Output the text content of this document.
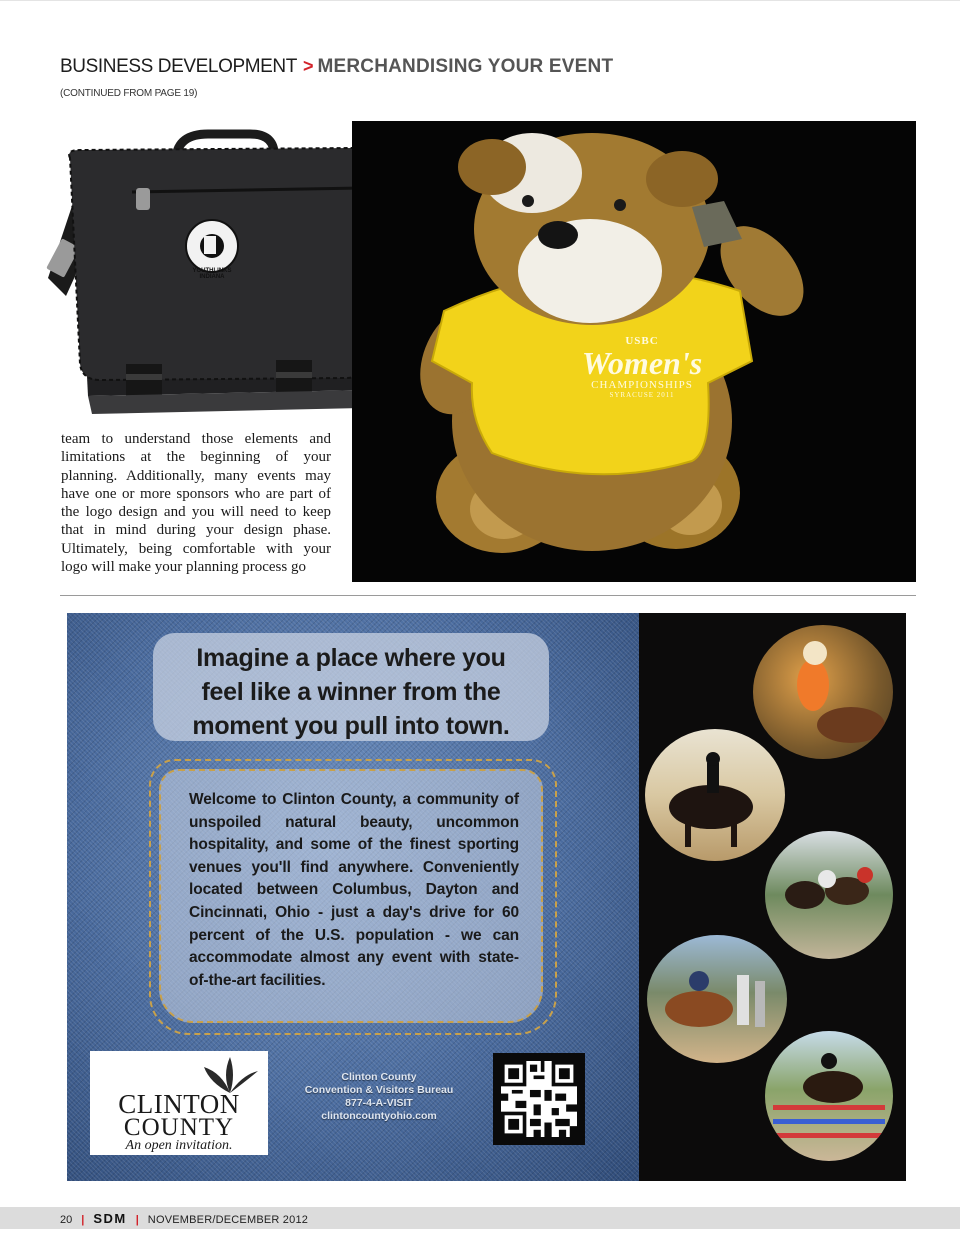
BUSINESS DEVELOPMENT > MERCHANDISING YOUR EVENT
(CONTINUED FROM PAGE 19)
YOUTHLINKS INDIANA
USBC
Women's
CHAMPIONSHIPS
SYRACUSE 2011

team to understand those elements and limitations at the beginning of your planning. Additionally, many events may have one or more sponsors who are part of the logo design and you will need to keep that in mind during your design phase. Ultimately, being comfortable with your logo will make your planning process go

Imagine a place where you
feel like a winner from the
moment you pull into town.

Welcome to Clinton County, a community of unspoiled natural beauty, uncommon hospitality, and some of the finest sporting venues you'll find anywhere. Conveniently located between Columbus, Dayton and Cincinnati, Ohio - just a day's drive for 60 percent of the U.S. population - we can accommodate almost any event with state-of-the-art facilities.

CLINTON
COUNTY
An open invitation.
Clinton County
Convention & Visitors Bureau
877-4-A-VISIT
clintoncountyohio.com
20 | SDM | NOVEMBER/DECEMBER 2012
